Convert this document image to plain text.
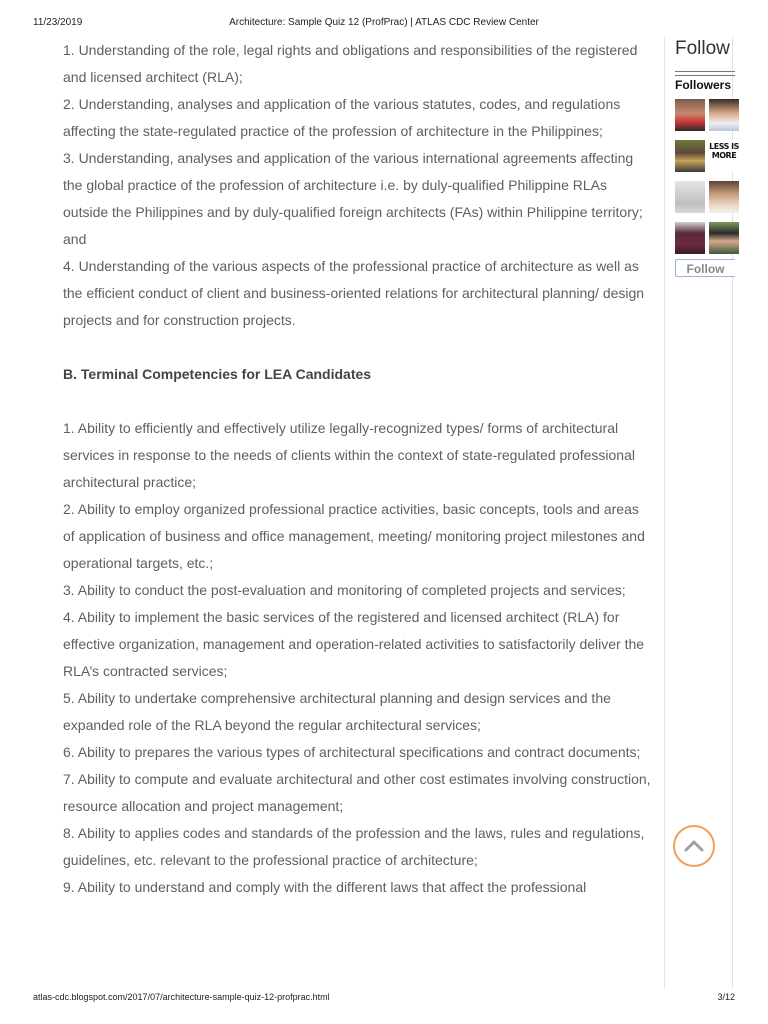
11/23/2019	Architecture: Sample Quiz 12 (ProfPrac) | ATLAS CDC Review Center

1. Understanding of the role, legal rights and obligations and responsibilities of the registered and licensed architect (RLA);

2. Understanding, analyses and application of the various statutes, codes, and regulations affecting the state-regulated practice of the profession of architecture in the Philippines;

3. Understanding, analyses and application of the various international agreements affecting the global practice of the profession of architecture i.e. by duly-qualified Philippine RLAs outside the Philippines and by duly-qualified foreign architects (FAs) within Philippine territory; and

4. Understanding of the various aspects of the professional practice of architecture as well as the efficient conduct of client and business-oriented relations for architectural planning/ design projects and for construction projects.

B. Terminal Competencies for LEA Candidates

1. Ability to efficiently and effectively utilize legally-recognized types/ forms of architectural services in response to the needs of clients within the context of state-regulated professional architectural practice;

2. Ability to employ organized professional practice activities, basic concepts, tools and areas of application of business and office management, meeting/ monitoring project milestones and operational targets, etc.;

3. Ability to conduct the post-evaluation and monitoring of completed projects and services;

4. Ability to implement the basic services of the registered and licensed architect (RLA) for effective organization, management and operation-related activities to satisfactorily deliver the RLA’s contracted services;

5. Ability to undertake comprehensive architectural planning and design services and the expanded role of the RLA beyond the regular architectural services;

6. Ability to prepares the various types of architectural specifications and contract documents;

7. Ability to compute and evaluate architectural and other cost estimates involving construction, resource allocation and project management;

8. Ability to applies codes and standards of the profession and the laws, rules and regulations, guidelines, etc. relevant to the professional practice of architecture;

9. Ability to understand and comply with the different laws that affect the professional

Follow
Followers
LESS IS MORE
Follow
atlas-cdc.blogspot.com/2017/07/architecture-sample-quiz-12-profprac.html	3/12
